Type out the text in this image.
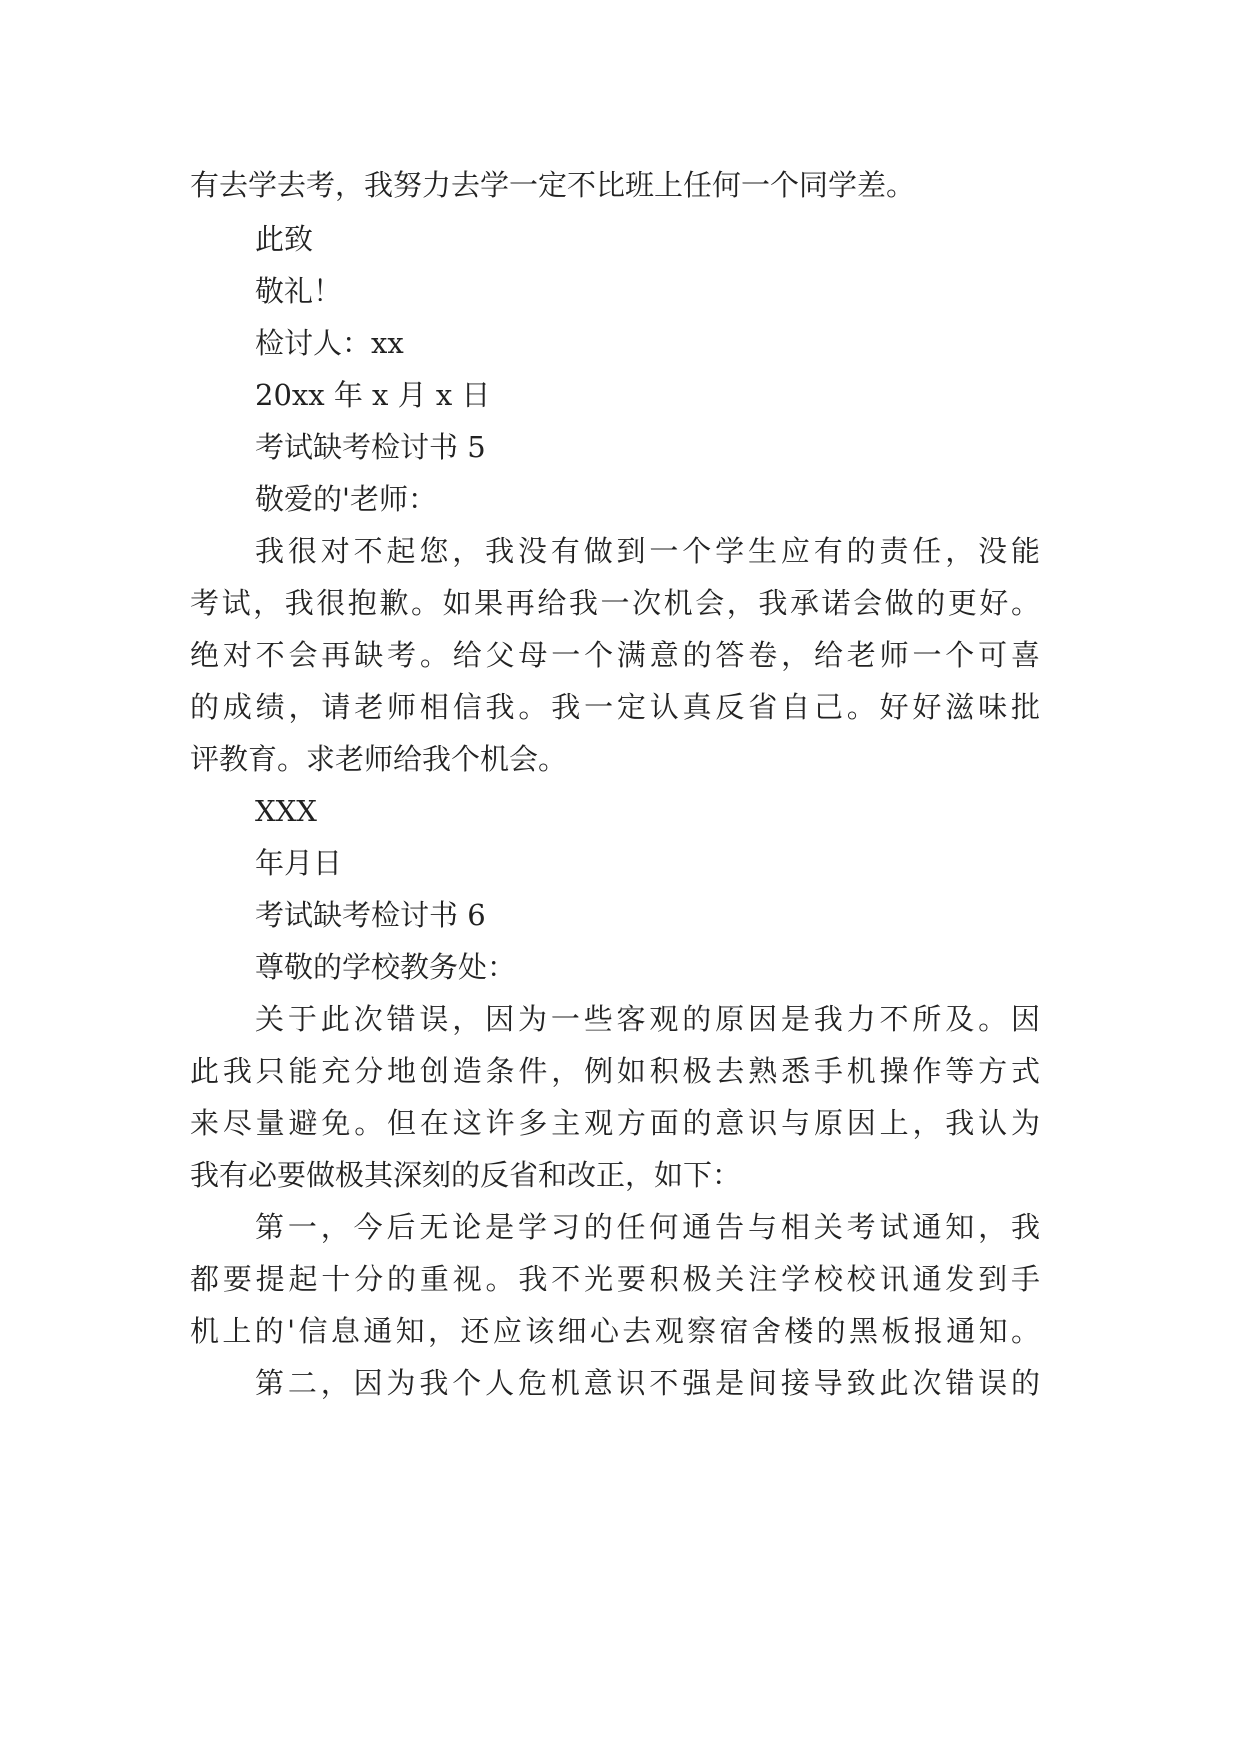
有去学去考，我努力去学一定不比班上任何一个同学差。

此致

敬礼！

检讨人：xx

20xx 年 x 月 x 日

考试缺考检讨书 5

敬爱的'老师：

我很对不起您，我没有做到一个学生应有的责任，没能

考试，我很抱歉。如果再给我一次机会，我承诺会做的更好。

绝对不会再缺考。给父母一个满意的答卷，给老师一个可喜

的成绩，请老师相信我。我一定认真反省自己。好好滋味批

评教育。求老师给我个机会。

XXX

年月日

考试缺考检讨书 6

尊敬的学校教务处：

关于此次错误，因为一些客观的原因是我力不所及。因

此我只能充分地创造条件，例如积极去熟悉手机操作等方式

来尽量避免。但在这许多主观方面的意识与原因上，我认为

我有必要做极其深刻的反省和改正，如下：

第一，今后无论是学习的任何通告与相关考试通知，我

都要提起十分的重视。我不光要积极关注学校校讯通发到手

机上的'信息通知，还应该细心去观察宿舍楼的黑板报通知。

第二，因为我个人危机意识不强是间接导致此次错误的
